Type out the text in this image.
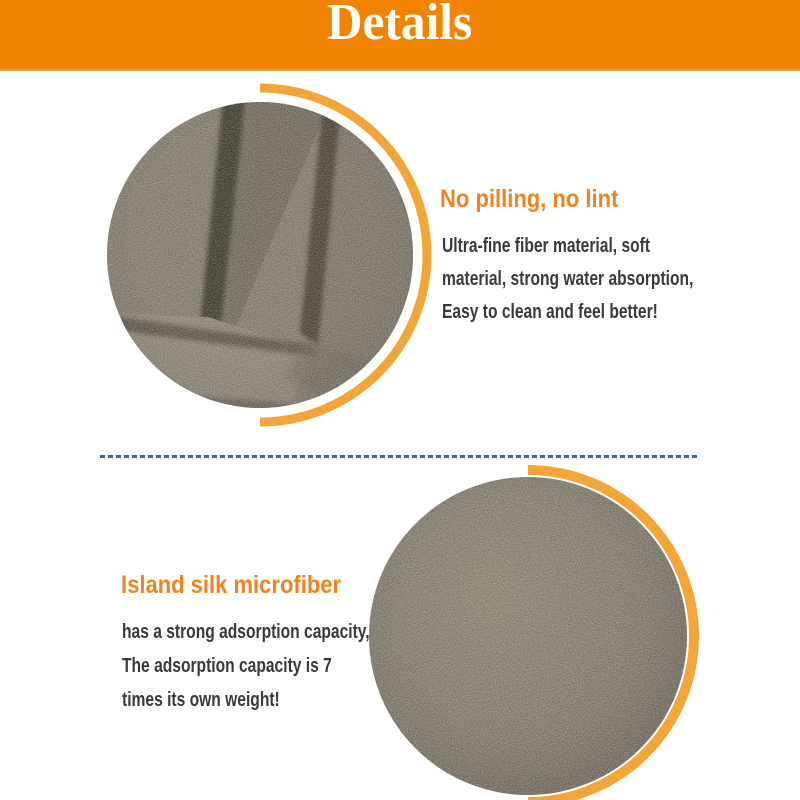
Details
No pilling, no lint
Ultra-fine fiber material, soft
material, strong water absorption,
Easy to clean and feel better!
Island silk microfiber
has a strong adsorption capacity,
The adsorption capacity is 7
times its own weight!
